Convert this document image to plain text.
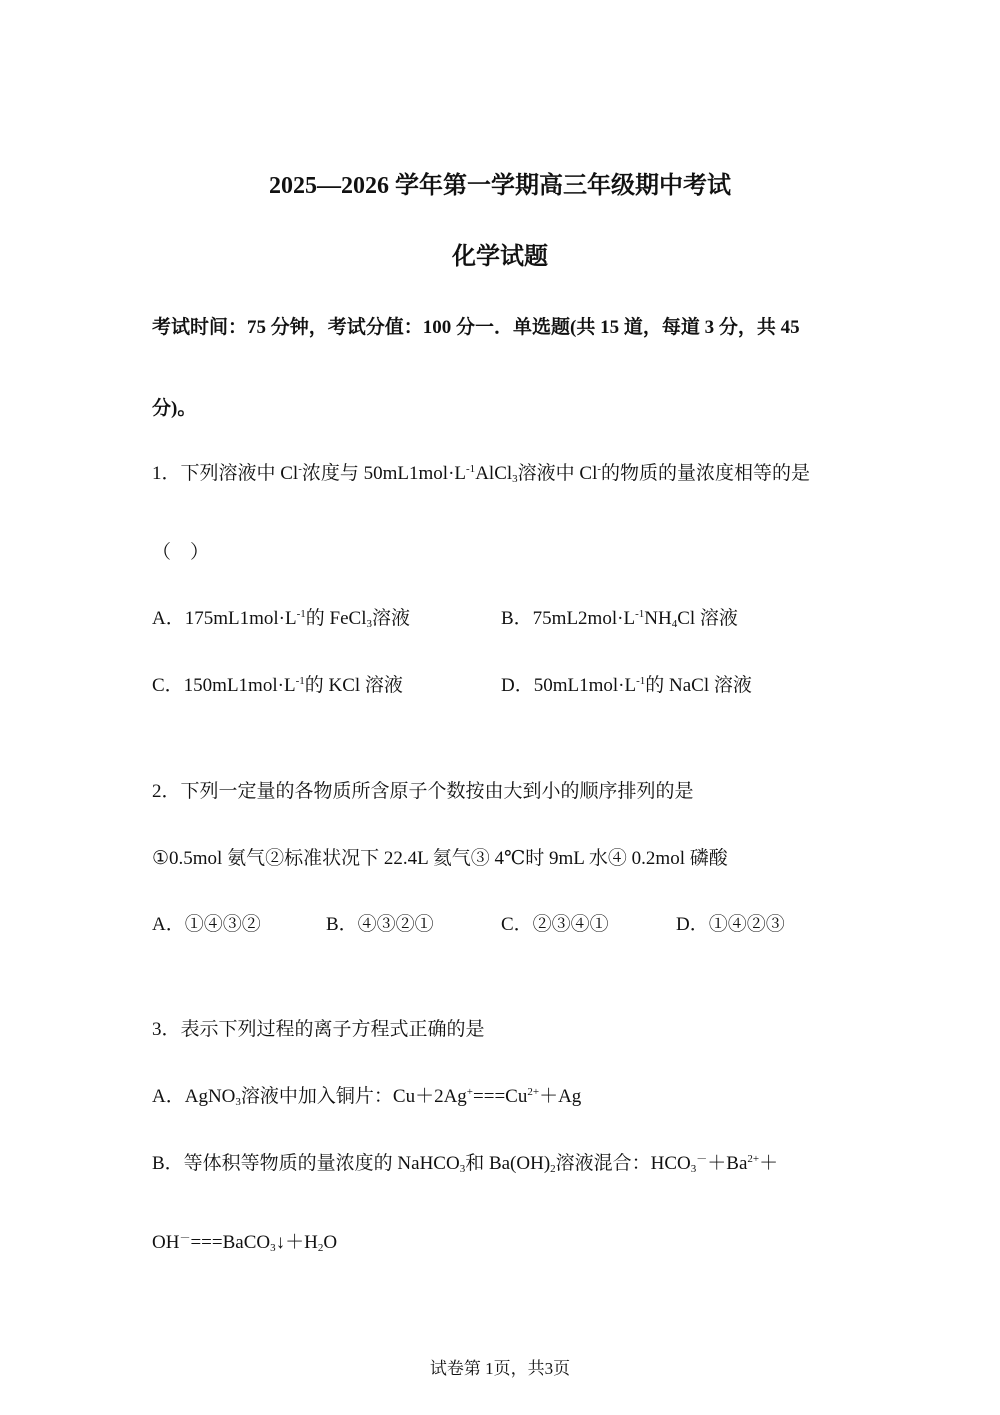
2025—2026 学年第一学期高三年级期中考试
化学试题
考试时间：75 分钟，考试分值：100 分一．单选题(共 15 道，每道 3 分，共 45
分)。
1．下列溶液中 Cl-浓度与 $50mL1mol\cdot L^{-1}AlCl_3$溶液中 Cl-的物质的量浓度相等的是
（　）
A．$175mL1mol\cdot L^{-1}$的 FeCl$_3$溶液	B．$75mL2mol\cdot L^{-1}NH_4Cl$ 溶液
C．$150mL1mol\cdot L^{-1}$的 KCl 溶液	D．$50mL1mol\cdot L^{-1}$的 NaCl 溶液
2．下列一定量的各物质所含原子个数按由大到小的顺序排列的是
①0.5mol 氨气②标准状况下 22.4L 氦气③ 4℃时 9mL 水④ 0.2mol 磷酸
A．①④③②	B．④③②①	C．②③④①	D．①④②③
3．表示下列过程的离子方程式正确的是
A．AgNO$_3$溶液中加入铜片：$Cu+2Ag^+===Cu^{2+}+Ag$
B．等体积等物质的量浓度的 NaHCO$_3$和 $Ba(OH)_2$溶液混合：$HCO_3^-+Ba^{2+}+$
$OH^-===BaCO_3↓+H_2O$
试卷第 1页，共3页
